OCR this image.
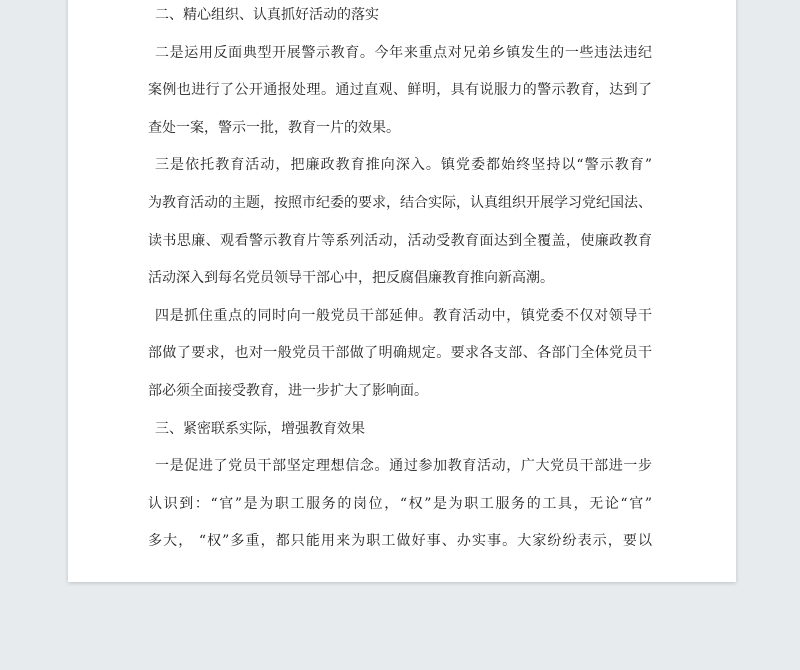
二、精心组织、认真抓好活动的落实
二是运用反面典型开展警示教育。今年来重点对兄弟乡镇发生的一些违法违纪
案例也进行了公开通报处理。通过直观、鲜明，具有说服力的警示教育，达到了
查处一案，警示一批，教育一片的效果。
三是依托教育活动，把廉政教育推向深入。镇党委都始终坚持以“警示教育”
为教育活动的主题，按照市纪委的要求，结合实际，认真组织开展学习党纪国法、
读书思廉、观看警示教育片等系列活动，活动受教育面达到全覆盖，使廉政教育
活动深入到每名党员领导干部心中，把反腐倡廉教育推向新高潮。
四是抓住重点的同时向一般党员干部延伸。教育活动中，镇党委不仅对领导干
部做了要求，也对一般党员干部做了明确规定。要求各支部、各部门全体党员干
部必须全面接受教育，进一步扩大了影响面。
三、紧密联系实际，增强教育效果
一是促进了党员干部坚定理想信念。通过参加教育活动，广大党员干部进一步
认识到：“官”是为职工服务的岗位，“权”是为职工服务的工具，无论“官”
多大， “权”多重，都只能用来为职工做好事、办实事。大家纷纷表示，要以
